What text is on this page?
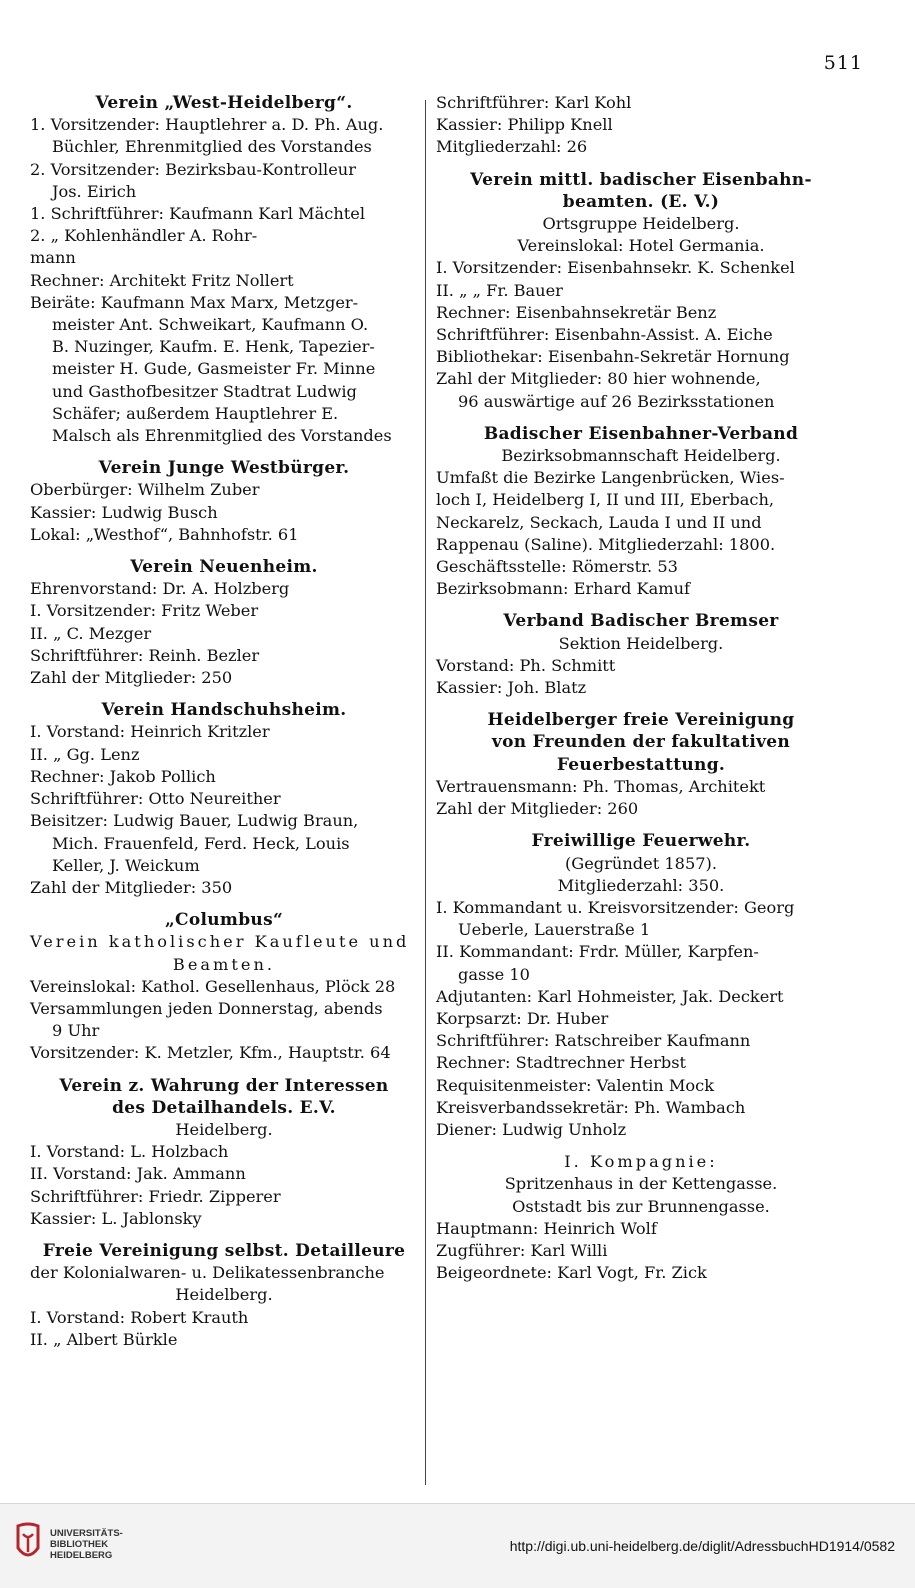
511

Verein „West-Heidelberg“.

1. Vorsitzender: Hauptlehrer a. D. Ph. Aug.

Büchler, Ehrenmitglied des Vorstandes

2. Vorsitzender: Bezirksbau-Kontrolleur

Jos. Eirich

1. Schriftführer: Kaufmann Karl Mächtel

2. „ Kohlenhändler A. Rohr-

mann

Rechner: Architekt Fritz Nollert

Beiräte: Kaufmann Max Marx, Metzger-

meister Ant. Schweikart, Kaufmann O.

B. Nuzinger, Kaufm. E. Henk, Tapezier-

meister H. Gude, Gasmeister Fr. Minne

und Gasthofbesitzer Stadtrat Ludwig

Schäfer; außerdem Hauptlehrer E.

Malsch als Ehrenmitglied des Vorstandes

Verein Junge Westbürger.

Oberbürger: Wilhelm Zuber

Kassier: Ludwig Busch

Lokal: „Westhof“, Bahnhofstr. 61

Verein Neuenheim.

Ehrenvorstand: Dr. A. Holzberg

I. Vorsitzender: Fritz Weber

II. „ C. Mezger

Schriftführer: Reinh. Bezler

Zahl der Mitglieder: 250

Verein Handschuhsheim.

I. Vorstand: Heinrich Kritzler

II. „ Gg. Lenz

Rechner: Jakob Pollich

Schriftführer: Otto Neureither

Beisitzer: Ludwig Bauer, Ludwig Braun,

Mich. Frauenfeld, Ferd. Heck, Louis

Keller, J. Weickum

Zahl der Mitglieder: 350

„Columbus“

Verein katholischer Kaufleute und

Beamten.

Vereinslokal: Kathol. Gesellenhaus, Plöck 28

Versammlungen jeden Donnerstag, abends

9 Uhr

Vorsitzender: K. Metzler, Kfm., Hauptstr. 64

Verein z. Wahrung der Interessen

des Detailhandels. E.V.

Heidelberg.

I. Vorstand: L. Holzbach

II. Vorstand: Jak. Ammann

Schriftführer: Friedr. Zipperer

Kassier: L. Jablonsky

Freie Vereinigung selbst. Detailleure

der Kolonialwaren- u. Delikatessenbranche

Heidelberg.

I. Vorstand: Robert Krauth

II. „ Albert Bürkle

Schriftführer: Karl Kohl

Kassier: Philipp Knell

Mitgliederzahl: 26

Verein mittl. badischer Eisenbahn-

beamten. (E. V.)

Ortsgruppe Heidelberg.

Vereinslokal: Hotel Germania.

I. Vorsitzender: Eisenbahnsekr. K. Schenkel

II. „ „ Fr. Bauer

Rechner: Eisenbahnsekretär Benz

Schriftführer: Eisenbahn-Assist. A. Eiche

Bibliothekar: Eisenbahn-Sekretär Hornung

Zahl der Mitglieder: 80 hier wohnende,

96 auswärtige auf 26 Bezirksstationen

Badischer Eisenbahner-Verband

Bezirksobmannschaft Heidelberg.

Umfaßt die Bezirke Langenbrücken, Wies-

loch I, Heidelberg I, II und III, Eberbach,

Neckarelz, Seckach, Lauda I und II und

Rappenau (Saline). Mitgliederzahl: 1800.

Geschäftsstelle: Römerstr. 53

Bezirksobmann: Erhard Kamuf

Verband Badischer Bremser

Sektion Heidelberg.

Vorstand: Ph. Schmitt

Kassier: Joh. Blatz

Heidelberger freie Vereinigung

von Freunden der fakultativen

Feuerbestattung.

Vertrauensmann: Ph. Thomas, Architekt

Zahl der Mitglieder: 260

Freiwillige Feuerwehr.

(Gegründet 1857).

Mitgliederzahl: 350.

I. Kommandant u. Kreisvorsitzender: Georg

Ueberle, Lauerstraße 1

II. Kommandant: Frdr. Müller, Karpfen-

gasse 10

Adjutanten: Karl Hohmeister, Jak. Deckert

Korpsarzt: Dr. Huber

Schriftführer: Ratschreiber Kaufmann

Rechner: Stadtrechner Herbst

Requisitenmeister: Valentin Mock

Kreisverbandssekretär: Ph. Wambach

Diener: Ludwig Unholz

I. Kompagnie:

Spritzenhaus in der Kettengasse.

Oststadt bis zur Brunnengasse.

Hauptmann: Heinrich Wolf

Zugführer: Karl Willi

Beigeordnete: Karl Vogt, Fr. Zick

UNIVERSITÄTS-
BIBLIOTHEK
HEIDELBERG
http://digi.ub.uni-heidelberg.de/diglit/AdressbuchHD1914/0582
